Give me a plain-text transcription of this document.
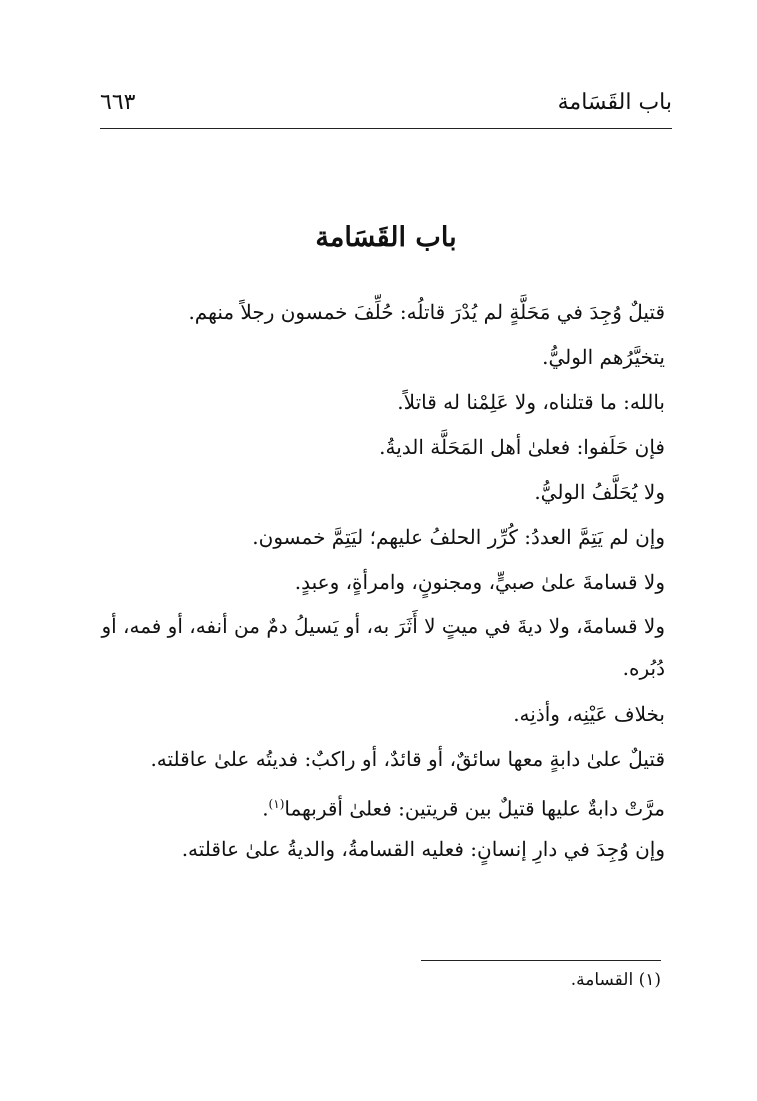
باب القَسَامة
٦٦٣
باب القَسَامة
قتيلٌ وُجِدَ في مَحَلَّةٍ لم يُدْرَ قاتلُه: حُلِّفَ خمسون رجلاً منهم.
يتخيَّرُهم الوليُّ.
بالله: ما قتلناه، ولا عَلِمْنا له قاتلاً.
فإن حَلَفوا: فعلىٰ أهل المَحَلَّة الديةُ.
ولا يُحَلَّفُ الوليُّ.
وإن لم يَتِمَّ العددُ: كُرِّر الحلفُ عليهم؛ ليَتِمَّ خمسون.
ولا قسامةَ علىٰ صبيٍّ، ومجنونٍ، وامرأةٍ، وعبدٍ.
ولا قسامةَ، ولا ديةَ في ميتٍ لا أَثَرَ به، أو يَسيلُ دمٌ من أنفه، أو فمه، أو دُبُره.
بخلاف عَيْنِه، وأذنِه.
قتيلٌ علىٰ دابةٍ معها سائقٌ، أو قائدٌ، أو راكبٌ: فديتُه علىٰ عاقلته.
مرَّتْ دابةٌ عليها قتيلٌ بين قريتين: فعلىٰ أقربهما$^{(١)}$.
وإن وُجِدَ في دارِ إنسانٍ: فعليه القسامةُ، والديةُ علىٰ عاقلته.
(١) القسامة.
